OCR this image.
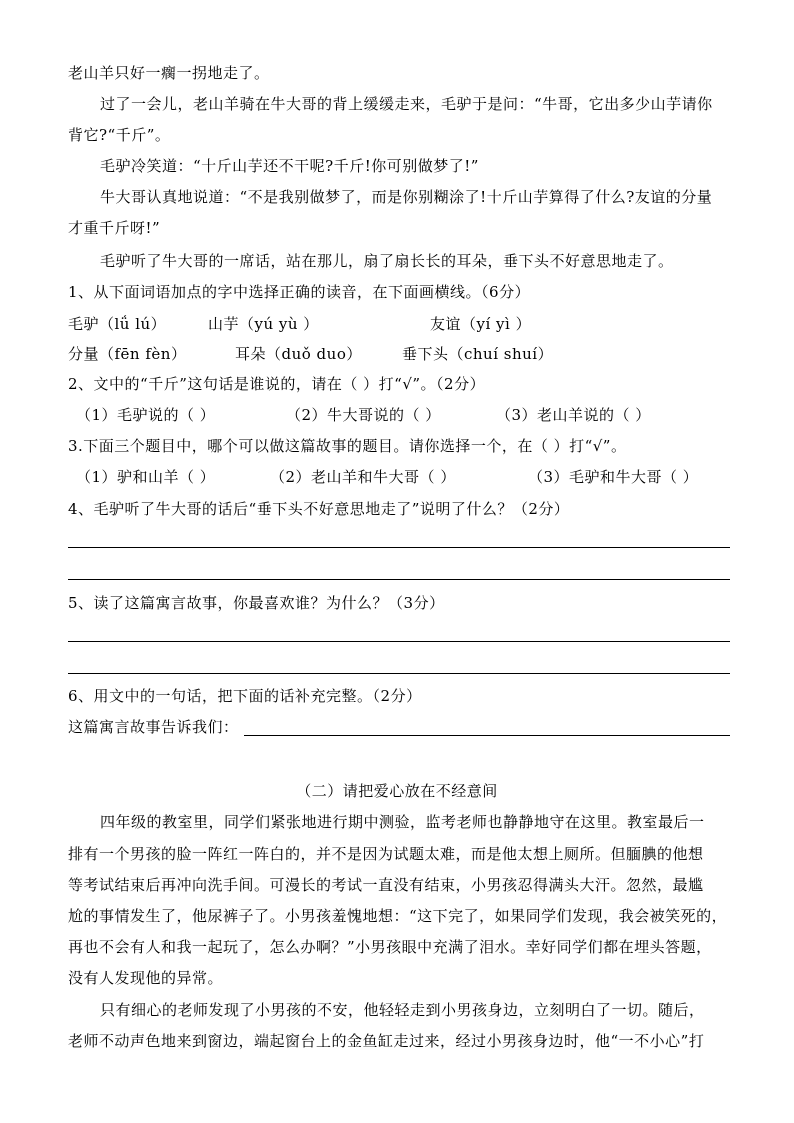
老山羊只好一瘸一拐地走了。
过了一会儿，老山羊骑在牛大哥的背上缓缓走来，毛驴于是问：“牛哥，它出多少山芋请你
背它?“千斤”。
毛驴冷笑道：“十斤山芋还不干呢?千斤!你可别做梦了!”
牛大哥认真地说道：“不是我别做梦了，而是你别糊涂了!十斤山芋算得了什么?友谊的分量
才重千斤呀!”
毛驴听了牛大哥的一席话，站在那儿，扇了扇长长的耳朵，垂下头不好意思地走了。
1、从下面词语加点的字中选择正确的读音，在下面画横线。（6分）
毛驴（lǘ lú）	山芋（yú yù ）	友谊（yí yì ）
分量（fēn fèn）	耳朵（duǒ duo）	垂下头（chuí shuí）
2、文中的“千斤”这句话是谁说的，请在（ ）打“√”。（2分）
（1）毛驴说的（ ）	（2）牛大哥说的（ ）	（3）老山羊说的（ ）
3.下面三个题目中，哪个可以做这篇故事的题目。请你选择一个，在（ ）打“√”。
（1）驴和山羊（ ）	（2）老山羊和牛大哥（ ）	（3）毛驴和牛大哥（ ）
4、毛驴听了牛大哥的话后“垂下头不好意思地走了”说明了什么？（2分）
5、读了这篇寓言故事，你最喜欢谁？为什么？（3分）
6、用文中的一句话，把下面的话补充完整。（2分）
这篇寓言故事告诉我们：
（二）请把爱心放在不经意间
四年级的教室里，同学们紧张地进行期中测验，监考老师也静静地守在这里。教室最后一
排有一个男孩的脸一阵红一阵白的，并不是因为试题太难，而是他太想上厕所。但腼腆的他想
等考试结束后再冲向洗手间。可漫长的考试一直没有结束，小男孩忍得满头大汗。忽然，最尴
尬的事情发生了，他尿裤子了。小男孩羞愧地想：“这下完了，如果同学们发现，我会被笑死的，
再也不会有人和我一起玩了，怎么办啊？”小男孩眼中充满了泪水。幸好同学们都在埋头答题，
没有人发现他的异常。
只有细心的老师发现了小男孩的不安，他轻轻走到小男孩身边，立刻明白了一切。随后，
老师不动声色地来到窗边，端起窗台上的金鱼缸走过来，经过小男孩身边时，他“一不小心”打
